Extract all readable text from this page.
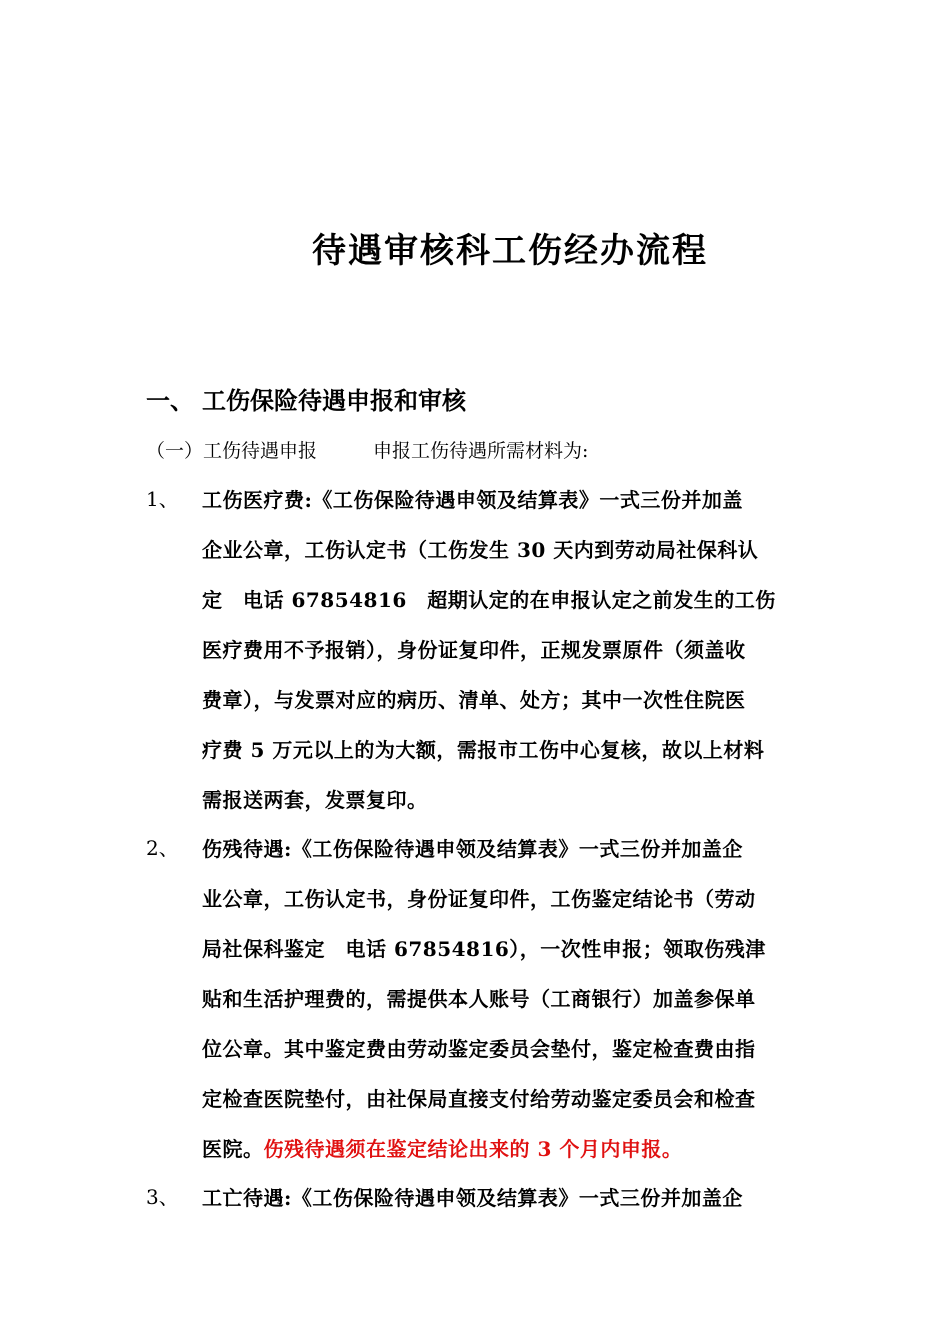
待遇审核科工伤经办流程
一、 工伤保险待遇申报和审核
（一）工伤待遇申报	申报工伤待遇所需材料为:
1、	工伤医疗费:《工伤保险待遇申领及结算表》一式三份并加盖
企业公章，工伤认定书（工伤发生 30 天内到劳动局社保科认
定　电话 67854816　超期认定的在申报认定之前发生的工伤
医疗费用不予报销），身份证复印件，正规发票原件（须盖收
费章），与发票对应的病历、清单、处方；其中一次性住院医
疗费 5 万元以上的为大额，需报市工伤中心复核，故以上材料
需报送两套，发票复印。
2、	伤残待遇:《工伤保险待遇申领及结算表》一式三份并加盖企
业公章，工伤认定书，身份证复印件，工伤鉴定结论书（劳动
局社保科鉴定　电话 67854816），一次性申报；领取伤残津
贴和生活护理费的，需提供本人账号（工商银行）加盖参保单
位公章。其中鉴定费由劳动鉴定委员会垫付，鉴定检查费由指
定检查医院垫付，由社保局直接支付给劳动鉴定委员会和检查
医院。伤残待遇须在鉴定结论出来的 3 个月内申报。
3、	工亡待遇:《工伤保险待遇申领及结算表》一式三份并加盖企
